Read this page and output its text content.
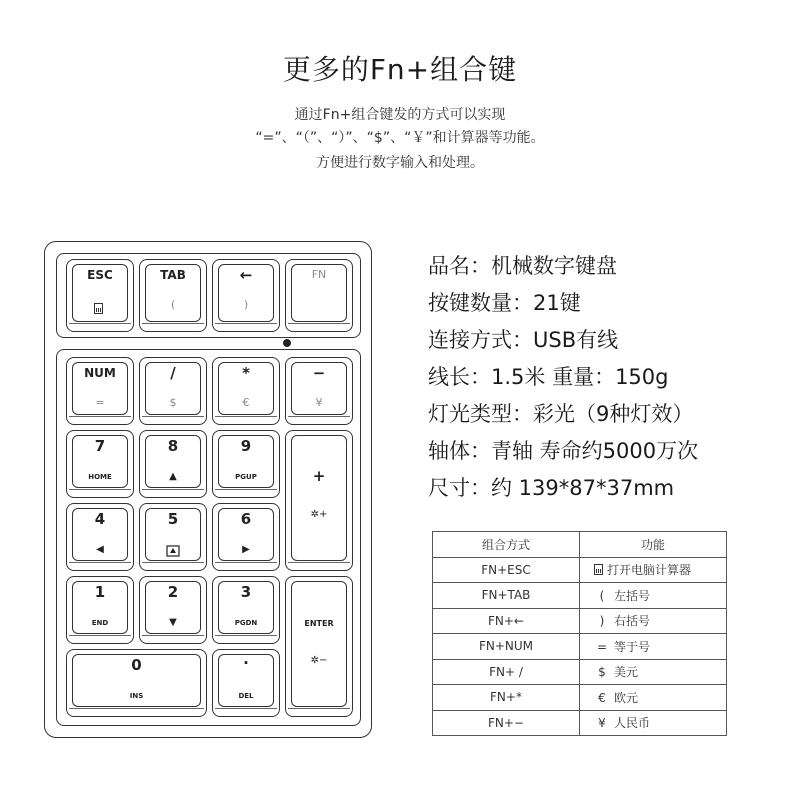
更多的Fn+组合键
通过Fn+组合键发的方式可以实现
“=”、“（”、“）”、“$”、“￥”和计算器等功能。
方便进行数字输入和处理。
ESC	TAB
(
←
)
FN
NUM
=
/
$
*
€
−
¥
7
HOME
8
▲
9
PGUP	+
✲+
4
◀
5	6
▶
1
END
2
▼
3
PGDN	ENTER
✲−
0
INS
·
DEL
品名：机械数字键盘
按键数量：21键
连接方式：USB有线
线长：1.5米 重量：150g
灯光类型：彩光（9种灯效）
轴体：青轴 寿命约5000万次
尺寸：约 139*87*37mm
组合方式	功能
FN+ESC	打开电脑计算器
FN+TAB	( 左括号
FN+←	) 右括号
FN+NUM	= 等于号
FN+ /	$ 美元
FN+*	€ 欧元
FN+−	¥ 人民币
